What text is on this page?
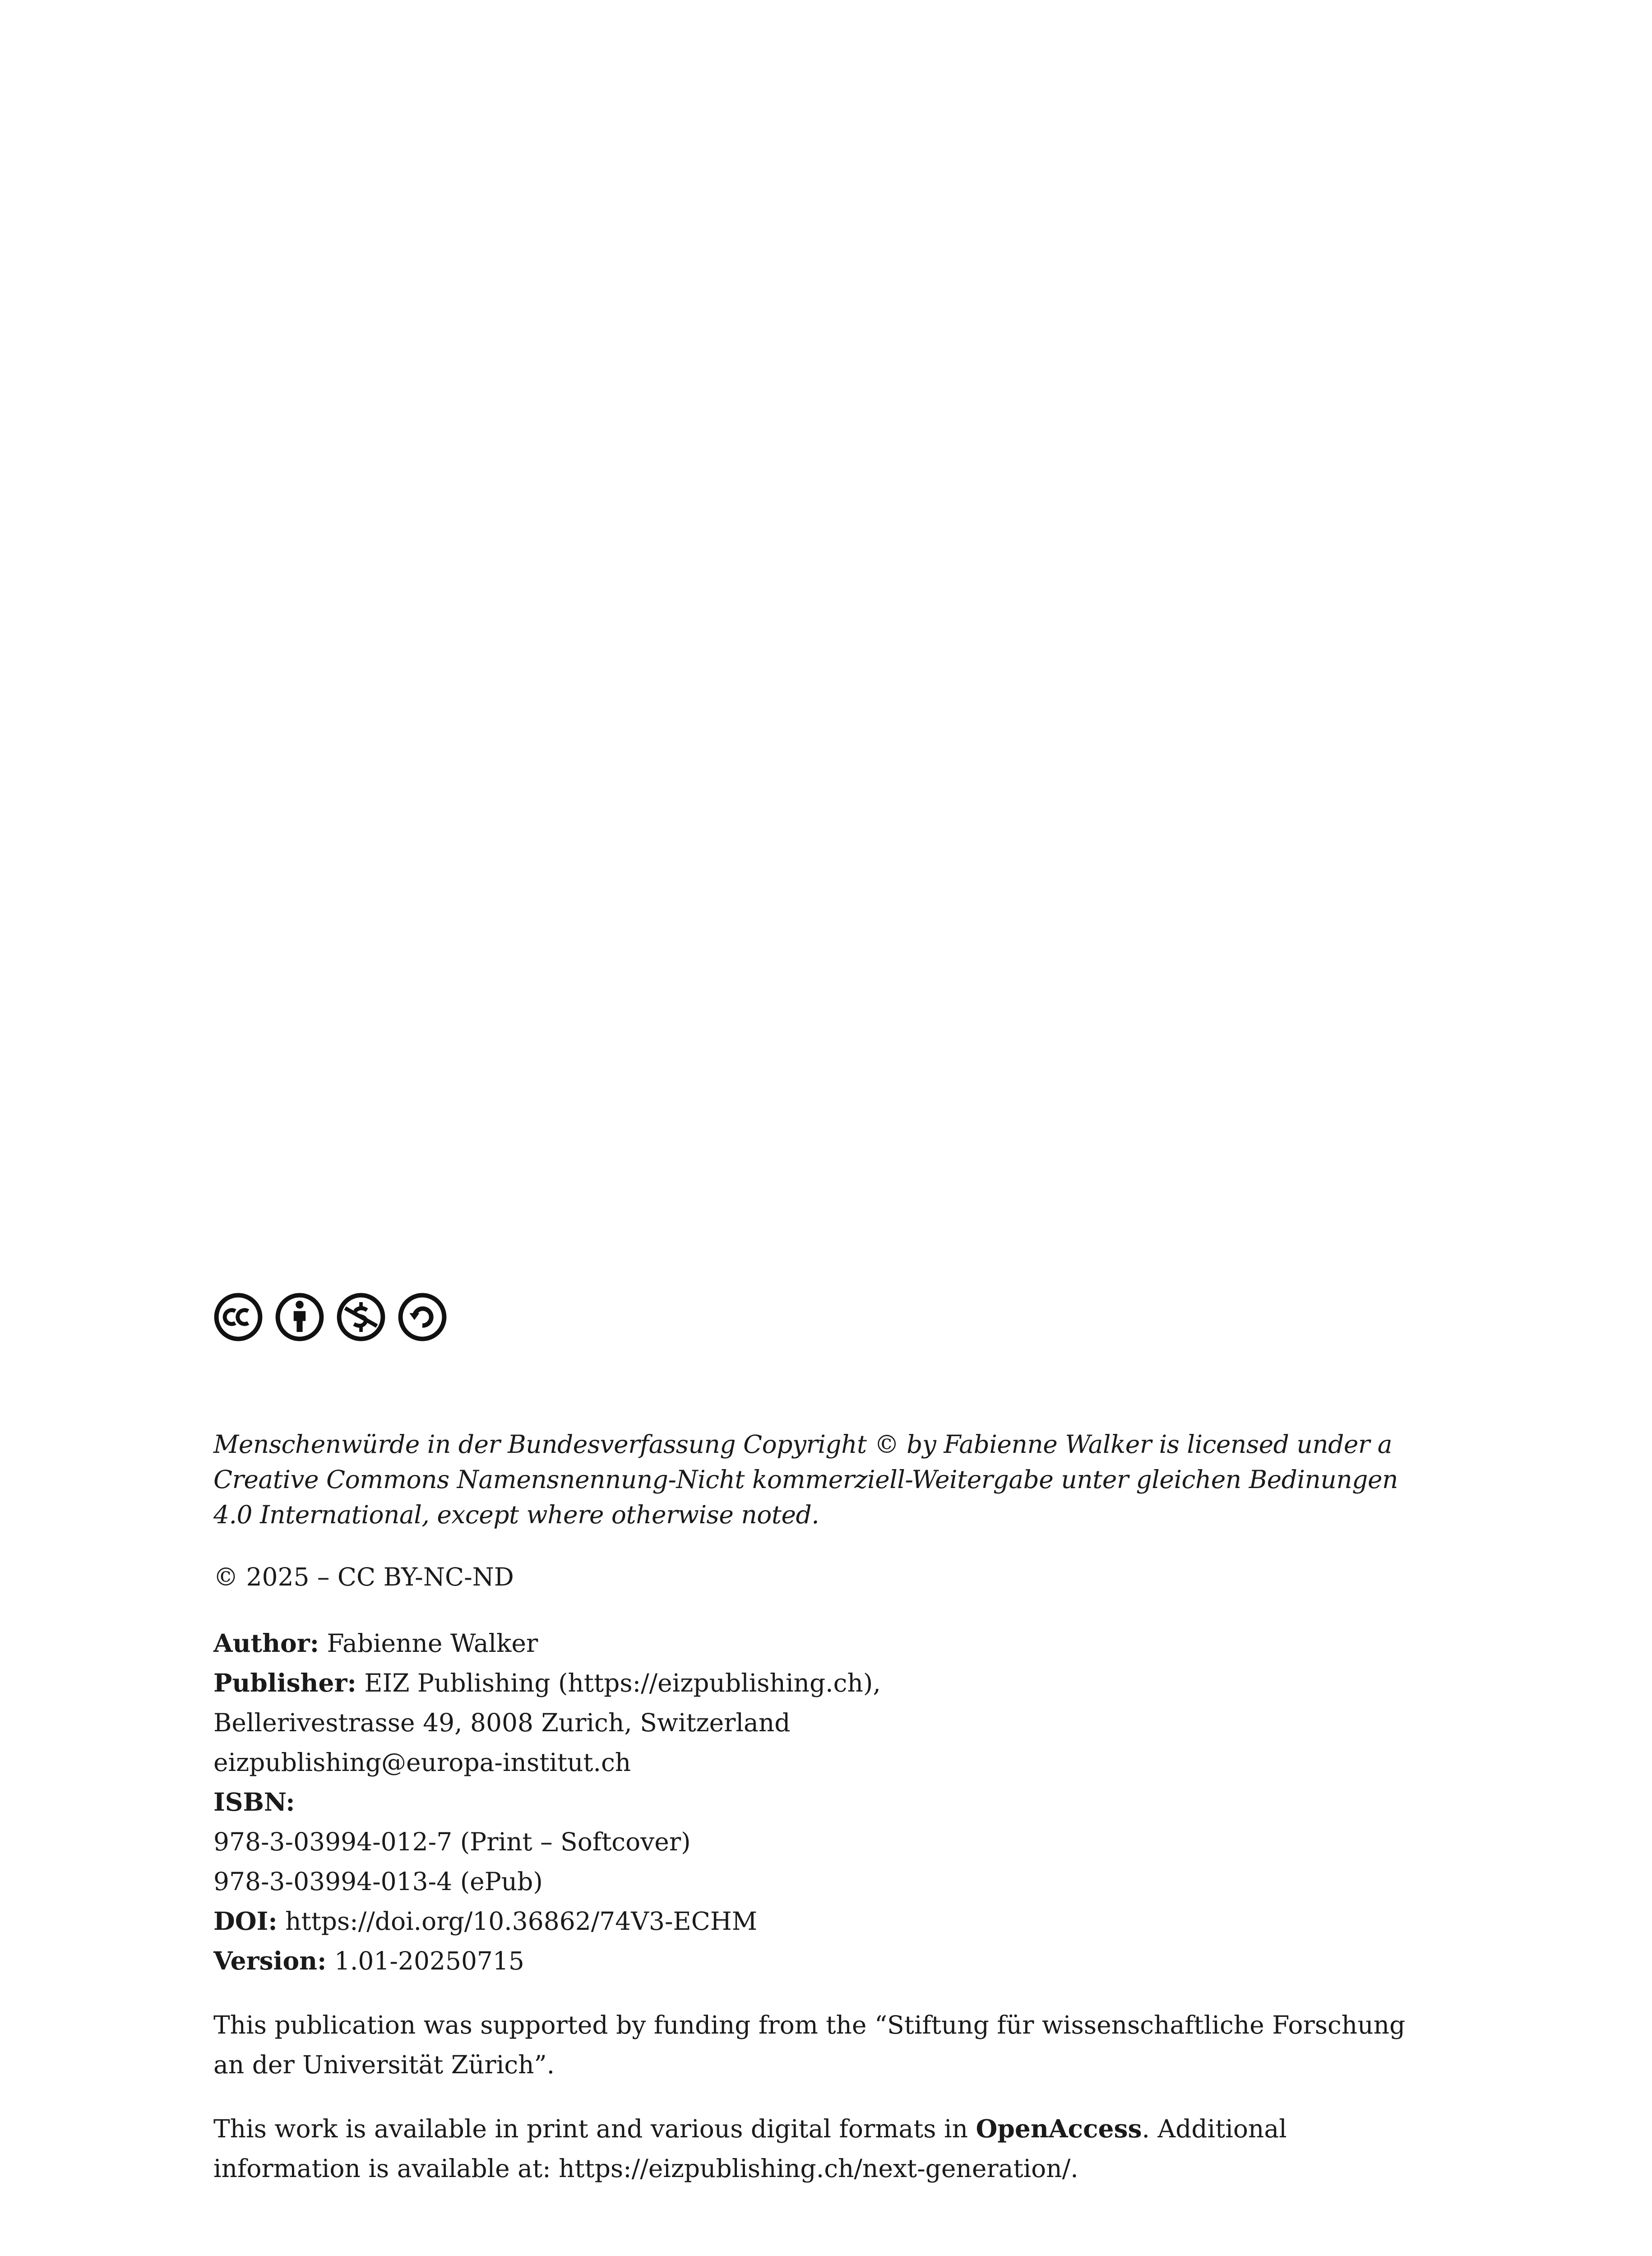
Menschenwürde in der Bundesverfassung Copyright © by Fabienne Walker is licensed under a Creative Commons Namensnennung-Nicht kommerziell-Weitergabe unter gleichen Bedinungen 4.0 International, except where otherwise noted.
© 2025 – CC BY-NC-ND
Author: Fabienne Walker
Publisher: EIZ Publishing (https://eizpublishing.ch),
Bellerivestrasse 49, 8008 Zurich, Switzerland
eizpublishing@europa-institut.ch
ISBN:
978-3-03994-012-7 (Print – Softcover)
978-3-03994-013-4 (ePub)
DOI: https://doi.org/10.36862/74V3-ECHM
Version: 1.01-20250715
This publication was supported by funding from the “Stiftung für wissenschaftliche Forschung an der Universität Zürich”.
This work is available in print and various digital formats in OpenAccess. Additional information is available at: https://eizpublishing.ch/next-generation/.
